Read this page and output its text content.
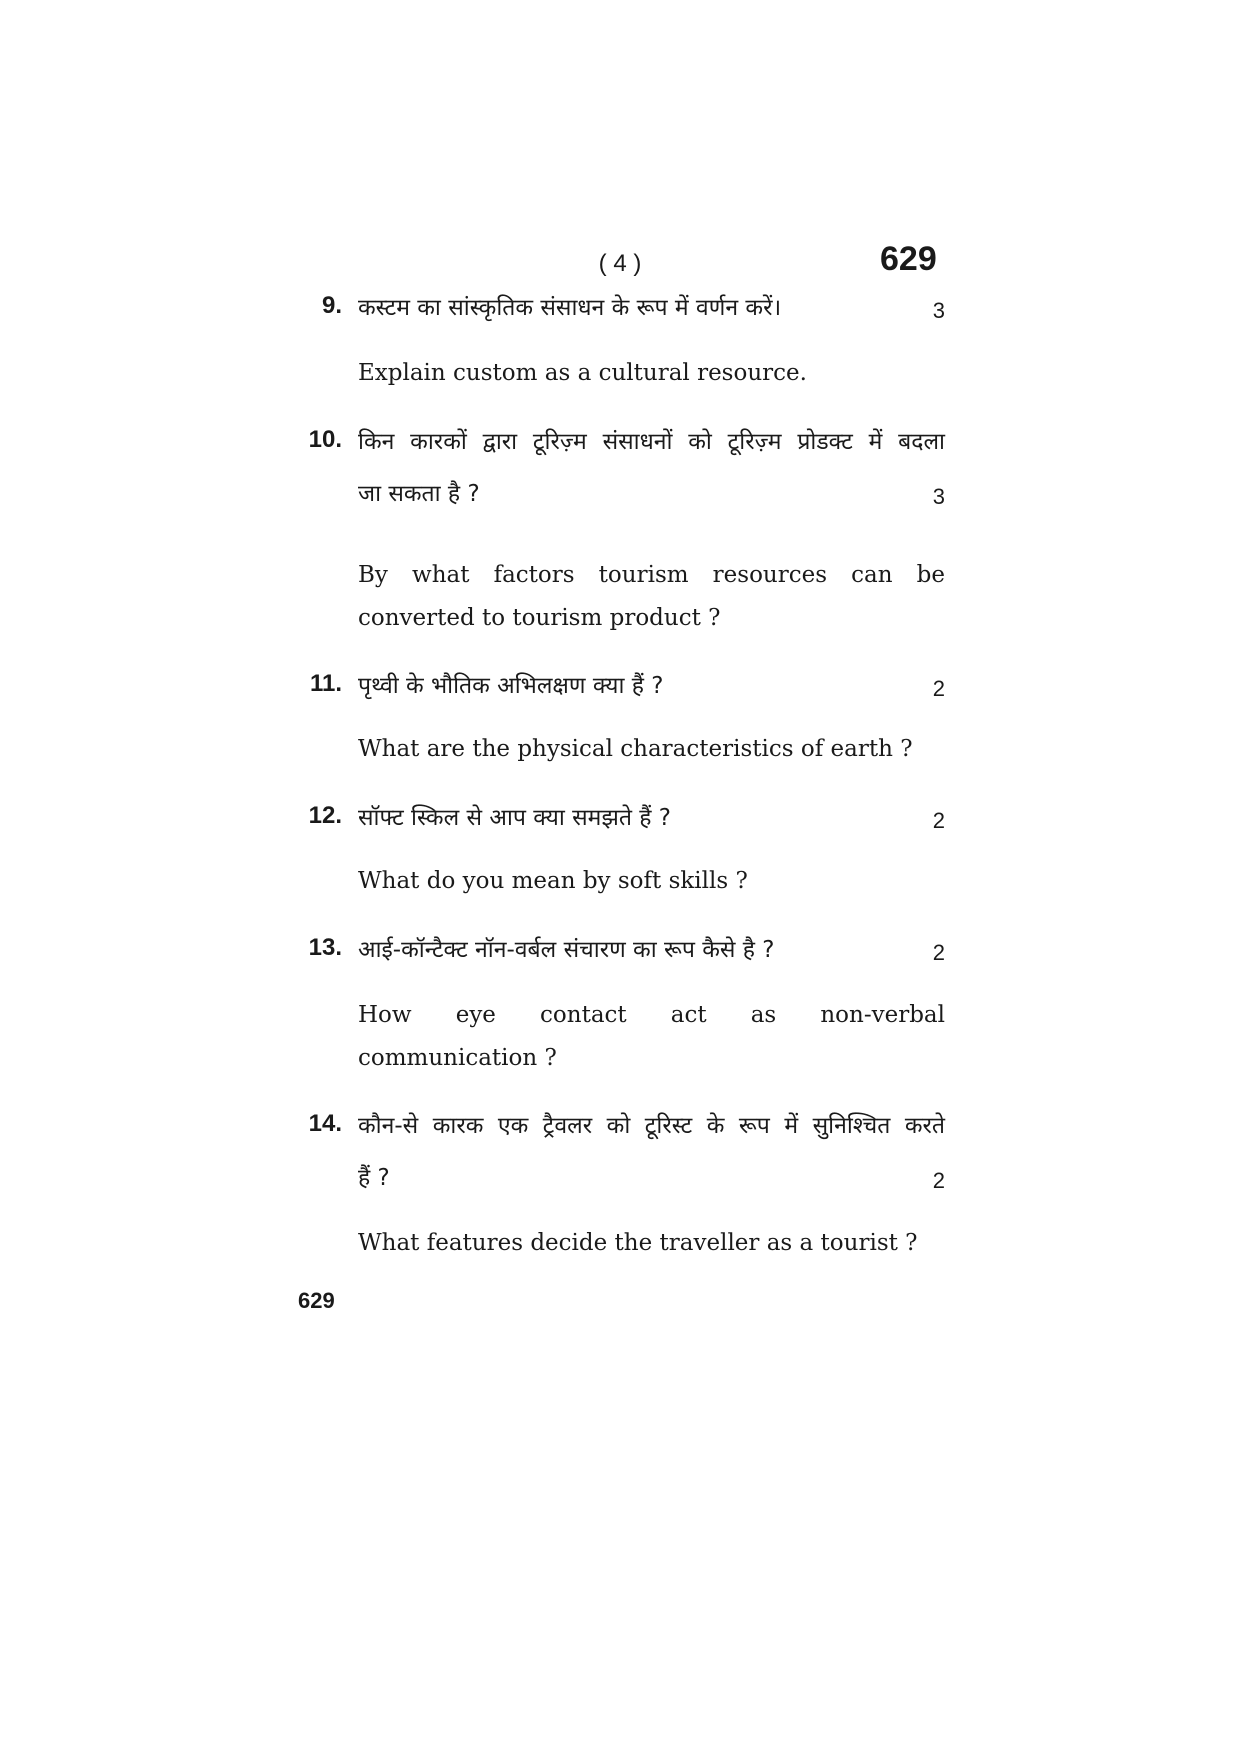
( 4 )	629
9. कस्टम का सांस्कृतिक संसाधन के रूप में वर्णन करें।	3
Explain custom as a cultural resource.
10. किन कारकों द्वारा टूरिज़्म संसाधनों को टूरिज़्म प्रोडक्ट में बदला
जा सकता है ?	3
By what factors tourism resources can be
converted to tourism product ?
11. पृथ्वी के भौतिक अभिलक्षण क्या हैं ?	2
What are the physical characteristics of earth ?
12. सॉफ्ट स्किल से आप क्या समझते हैं ?	2
What do you mean by soft skills ?
13. आई-कॉन्टैक्ट नॉन-वर्बल संचारण का रूप कैसे है ?	2
How eye contact act as non-verbal
communication ?
14. कौन-से कारक एक ट्रैवलर को टूरिस्ट के रूप में सुनिश्चित करते
हैं ?	2
What features decide the traveller as a tourist ?
629
